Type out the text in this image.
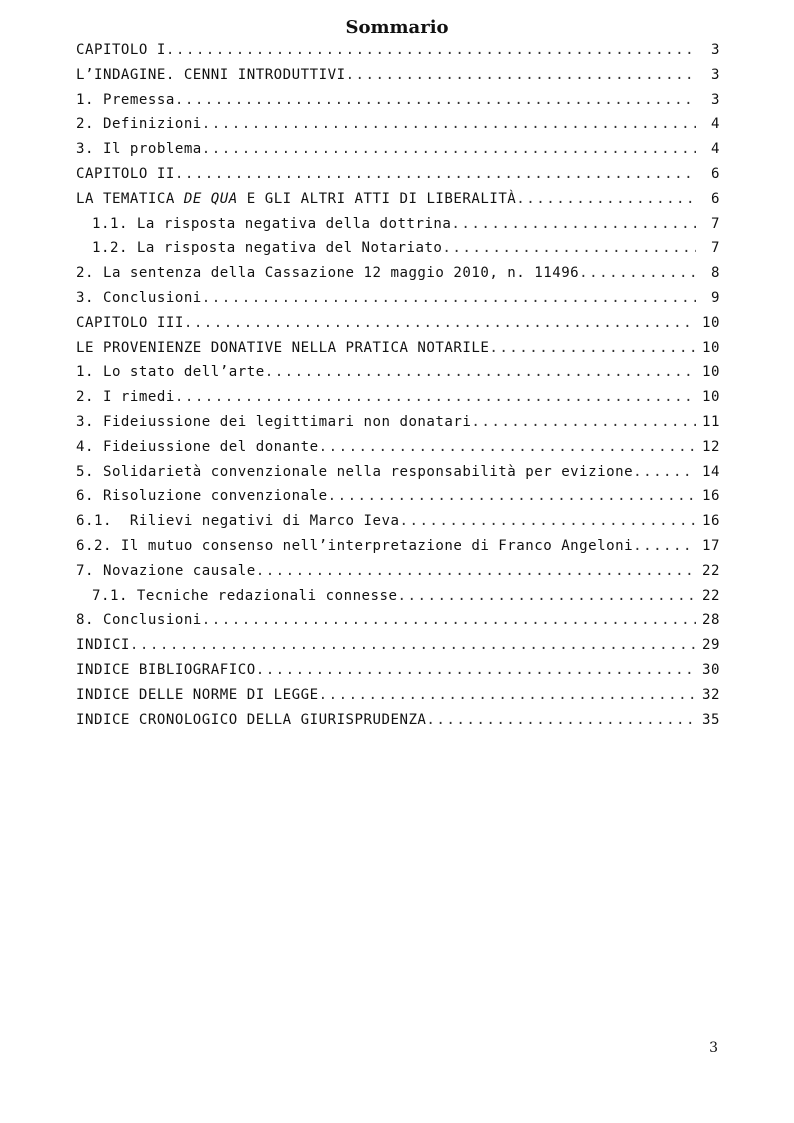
Sommario
CAPITOLO I .....	3
L’INDAGINE. CENNI INTRODUTTIVI .....	3
1. Premessa .....	3
2. Definizioni .....	4
3. Il problema .....	4
CAPITOLO II .....	6
LA TEMATICA DE QUA E GLI ALTRI ATTI DI LIBERALITÀ .....	6
1.1. La risposta negativa della dottrina .....	7
1.2. La risposta negativa del Notariato .....	7
2. La sentenza della Cassazione 12 maggio 2010, n. 11496 .....	8
3. Conclusioni .....	9
CAPITOLO III .....	10
LE PROVENIENZE DONATIVE NELLA PRATICA NOTARILE .....	10
1. Lo stato dell’arte .....	10
2. I rimedi .....	10
3. Fideiussione dei legittimari non donatari .....	11
4. Fideiussione del donante .....	12
5. Solidarietà convenzionale nella responsabilità per evizione .....	14
6. Risoluzione convenzionale .....	16
6.1.  Rilievi negativi di Marco Ieva .....	16
6.2. Il mutuo consenso nell’interpretazione di Franco Angeloni .....	17
7. Novazione causale .....	22
7.1. Tecniche redazionali connesse .....	22
8. Conclusioni .....	28
INDICI .....	29
INDICE BIBLIOGRAFICO .....	30
INDICE DELLE NORME DI LEGGE .....	32
INDICE CRONOLOGICO DELLA GIURISPRUDENZA .....	35
3
